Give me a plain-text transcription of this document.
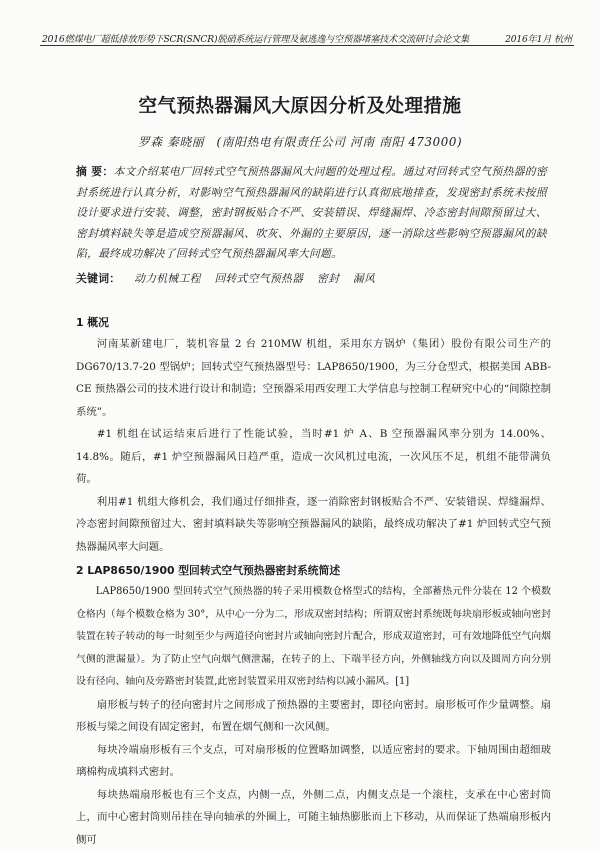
2016燃煤电厂超低排放形势下SCR(SNCR)脱硝系统运行管理及氨逃逸与空预器堵塞技术交流研讨会论文集	2016年1月 杭州
空气预热器漏风大原因分析及处理措施
罗森 秦晓丽 (南阳热电有限责任公司 河南 南阳 473000)
摘 要：本文介绍某电厂回转式空气预热器漏风大问题的处理过程。通过对回转式空气预热器的密封系统进行认真分析，对影响空气预热器漏风的缺陷进行认真彻底地排查，发现密封系统未按照设计要求进行安装、调整，密封钢板贴合不严、安装错误、焊缝漏焊、冷态密封间隙预留过大、密封填料缺失等是造成空预器漏风、吹灰、外漏的主要原因，逐一消除这些影响空预器漏风的缺陷，最终成功解决了回转式空气预热器漏风率大问题。
关键词： 动力机械工程 回转式空气预热器 密封 漏风

1 概况

河南某新建电厂，装机容量 2 台 210MW 机组，采用东方锅炉（集团）股份有限公司生产的DG670/13.7-20 型锅炉；回转式空气预热器型号：LAP8650/1900，为三分仓型式，根据美国 ABB-CE 预热器公司的技术进行设计和制造；空预器采用西安理工大学信息与控制工程研究中心的“间隙控制系统”。

#1 机组在试运结束后进行了性能试验，当时#1 炉 A、B 空预器漏风率分别为 14.00%、14.8%。随后，#1 炉空预器漏风日趋严重，造成一次风机过电流，一次风压不足，机组不能带满负荷。

利用#1 机组大修机会，我们通过仔细排查，逐一消除密封钢板贴合不严、安装错误、焊缝漏焊、冷态密封间隙预留过大、密封填料缺失等影响空预器漏风的缺陷，最终成功解决了#1 炉回转式空气预热器漏风率大问题。

2 LAP8650/1900 型回转式空气预热器密封系统简述

LAP8650/1900 型回转式空气预热器的转子采用模数仓格型式的结构，全部蓄热元件分装在 12 个模数仓格内（每个模数仓格为 30°，从中心一分为二，形成双密封结构；所谓双密封系统既每块扇形板或轴向密封装置在转子转动的每一时刻至少与两道径向密封片或轴向密封片配合，形成双道密封，可有效地降低空气向烟气侧的泄漏量）。为了防止空气向烟气侧泄漏，在转子的上、下端半径方向，外侧轴线方向以及圆周方向分别设有径向、轴向及旁路密封装置,此密封装置采用双密封结构以减小漏风。[1]

扇形板与转子的径向密封片之间形成了预热器的主要密封，即径向密封。扇形板可作少量调整。扇形板与梁之间设有固定密封，布置在烟气侧和一次风侧。

每块冷端扇形板有三个支点，可对扇形板的位置略加调整，以适应密封的要求。下轴周围由超细玻璃棉构成填料式密封。

每块热端扇形板也有三个支点，内侧一点，外侧二点，内侧支点是一个滚柱，支承在中心密封筒上，而中心密封筒则吊挂在导向轴承的外圈上，可随主轴热膨胀而上下移动，从而保证了热端扇形板内侧可
